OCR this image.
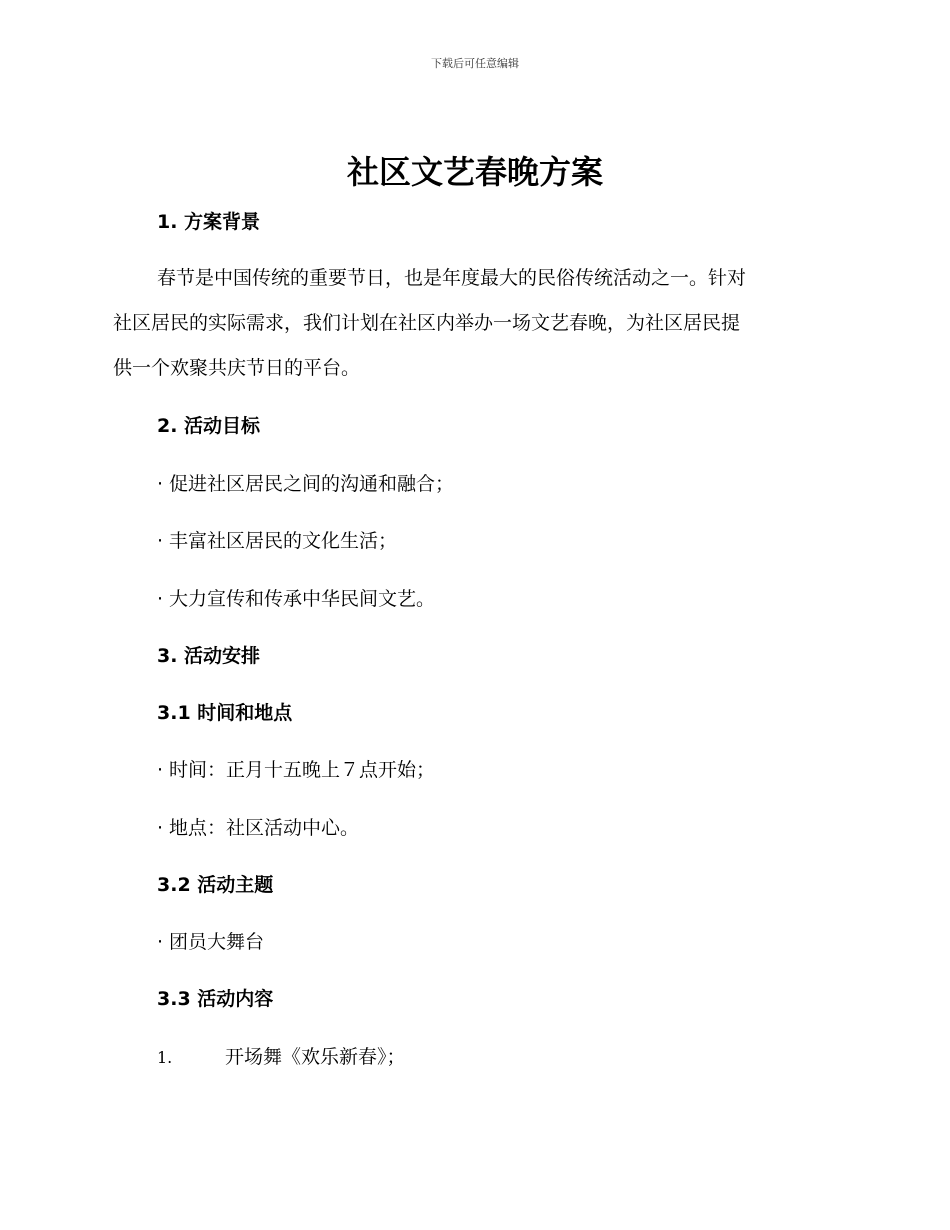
下载后可任意编辑
社区文艺春晚方案
1. 方案背景
春节是中国传统的重要节日，也是年度最大的民俗传统活动之一。针对
社区居民的实际需求，我们计划在社区内举办一场文艺春晚，为社区居民提
供一个欢聚共庆节日的平台。
2. 活动目标
· 促进社区居民之间的沟通和融合；
· 丰富社区居民的文化生活；
· 大力宣传和传承中华民间文艺。
3. 活动安排
3.1 时间和地点
· 时间：正月十五晚上７点开始；
· 地点：社区活动中心。
3.2 活动主题
· 团员大舞台
3.3 活动内容
1.	开场舞《欢乐新春》；
